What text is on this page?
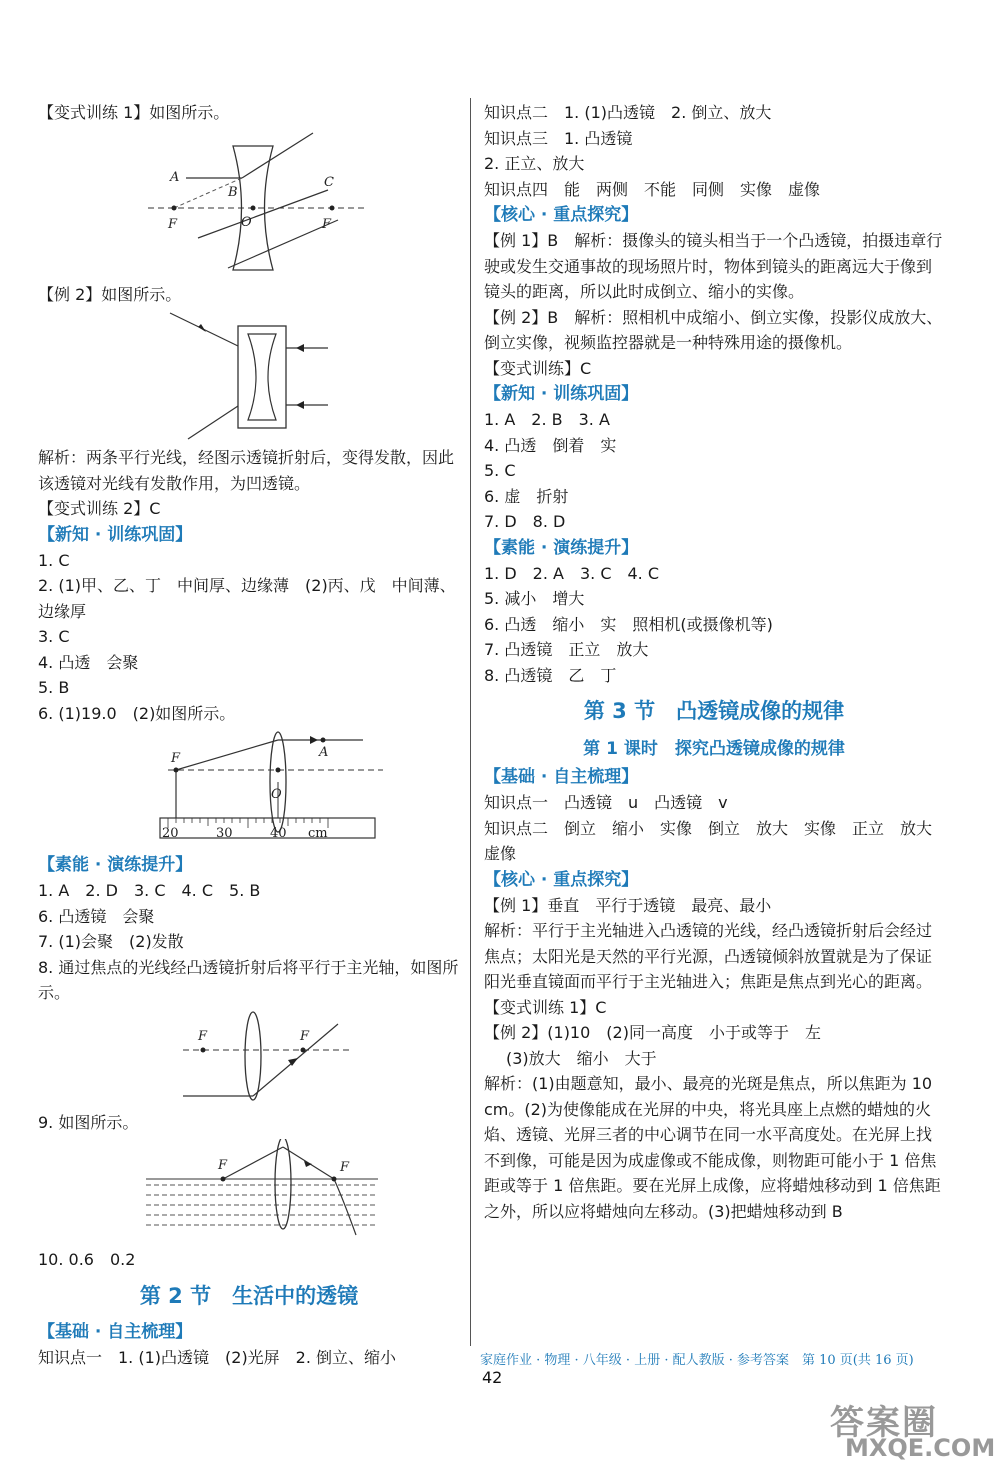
【变式训练 1】如图所示。
A
B
C
F	O	F
【例 2】如图所示。
解析：两条平行光线，经图示透镜折射后，变得发散，因此该透镜对光线有发散作用，为凹透镜。
【变式训练 2】C
【新知 · 训练巩固】
1. C
2. (1)甲、乙、丁　中间厚、边缘薄　(2)丙、戊　中间薄、边缘厚
3. C
4. 凸透　会聚
5. B
6. (1)19.0　(2)如图所示。
F	A
O
20	30	40 cm
【素能 · 演练提升】
1. A　2. D　3. C　4. C　5. B
6. 凸透镜　会聚
7. (1)会聚　(2)发散
8. 通过焦点的光线经凸透镜折射后将平行于主光轴，如图所示。
F	F
9. 如图所示。
F	F
10. 0.6　0.2
第 2 节　生活中的透镜
【基础 · 自主梳理】
知识点一　1. (1)凸透镜　(2)光屏　2. 倒立、缩小
知识点二　1. (1)凸透镜　2. 倒立、放大
知识点三　1. 凸透镜
2. 正立、放大
知识点四　能　两侧　不能　同侧　实像　虚像
【核心 · 重点探究】
【例 1】B　解析：摄像头的镜头相当于一个凸透镜，拍摄违章行驶或发生交通事故的现场照片时，物体到镜头的距离远大于像到镜头的距离，所以此时成倒立、缩小的实像。
【例 2】B　解析：照相机中成缩小、倒立实像，投影仪成放大、倒立实像，视频监控器就是一种特殊用途的摄像机。
【变式训练】C
【新知 · 训练巩固】
1. A　2. B　3. A
4. 凸透　倒着　实
5. C
6. 虚　折射
7. D　8. D
【素能 · 演练提升】
1. D　2. A　3. C　4. C
5. 减小　增大
6. 凸透　缩小　实　照相机(或摄像机等)
7. 凸透镜　正立　放大
8. 凸透镜　乙　丁
第 3 节　凸透镜成像的规律
第 1 课时　探究凸透镜成像的规律
【基础 · 自主梳理】
知识点一　凸透镜　u　凸透镜　v
知识点二　倒立　缩小　实像　倒立　放大　实像　正立　放大　虚像
【核心 · 重点探究】
【例 1】垂直　平行于透镜　最亮、最小
解析：平行于主光轴进入凸透镜的光线，经凸透镜折射后会经过焦点；太阳光是天然的平行光源，凸透镜倾斜放置就是为了保证阳光垂直镜面而平行于主光轴进入；焦距是焦点到光心的距离。
【变式训练 1】C
【例 2】(1)10　(2)同一高度　小于或等于　左
(3)放大　缩小　大于
解析：(1)由题意知，最小、最亮的光斑是焦点，所以焦距为 10 cm。(2)为使像能成在光屏的中央，将光具座上点燃的蜡烛的火焰、透镜、光屏三者的中心调节在同一水平高度处。在光屏上找不到像，可能是因为成虚像或不能成像，则物距可能小于 1 倍焦距或等于 1 倍焦距。要在光屏上成像，应将蜡烛移动到 1 倍焦距之外，所以应将蜡烛向左移动。(3)把蜡烛移动到 B
家庭作业 · 物理 · 八年级 · 上册 · 配人教版 · 参考答案　第 10 页(共 16 页)
42
答案圈
MXQE.COM
